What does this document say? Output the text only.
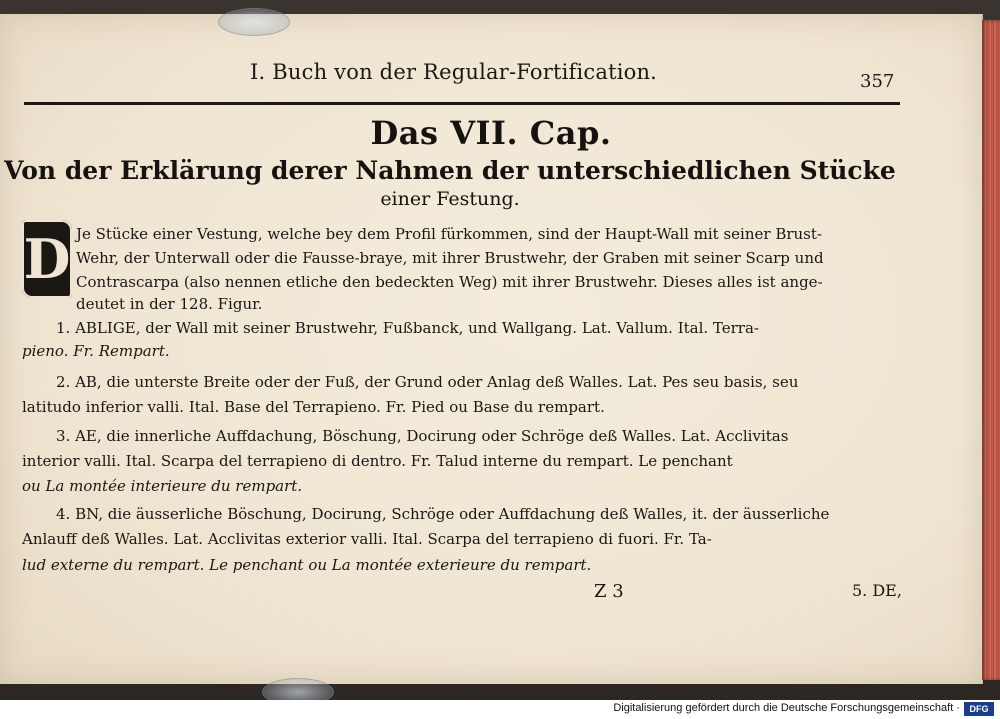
I. Buch von der Regular-Fortification.	357
Das VII. Cap.
Von der Erklärung derer Nahmen der unterschiedlichen Stücke
einer Festung.
D Je Stücke einer Vestung, welche bey dem Profil fürkommen, sind der Haupt-Wall mit seiner Brust-
Wehr, der Unterwall oder die Fausse-braye, mit ihrer Brustwehr, der Graben mit seiner Scarp und
Contrascarpa (also nennen etliche den bedeckten Weg) mit ihrer Brustwehr. Dieses alles ist ange-
deutet in der 128. Figur.
1. ABLIGE, der Wall mit seiner Brustwehr, Fußbanck, und Wallgang. Lat. Vallum. Ital. Terra-
pieno. Fr. Rempart.
2. AB, die unterste Breite oder der Fuß, der Grund oder Anlag deß Walles. Lat. Pes seu basis, seu
latitudo inferior valli. Ital. Base del Terrapieno. Fr. Pied ou Base du rempart.
3. AE, die innerliche Auffdachung, Böschung, Docirung oder Schröge deß Walles. Lat. Acclivitas
interior valli. Ital. Scarpa del terrapieno di dentro. Fr. Talud interne du rempart. Le penchant
ou La montée interieure du rempart.
4. BN, die äusserliche Böschung, Docirung, Schröge oder Auffdachung deß Walles, it. der äusserliche
Anlauff deß Walles. Lat. Acclivitas exterior valli. Ital. Scarpa del terrapieno di fuori. Fr. Ta-
lud externe du rempart. Le penchant ou La montée exterieure du rempart.
Z 3	5. DE,
Digitalisierung gefördert durch die Deutsche Forschungsgemeinschaft ·	DFG
